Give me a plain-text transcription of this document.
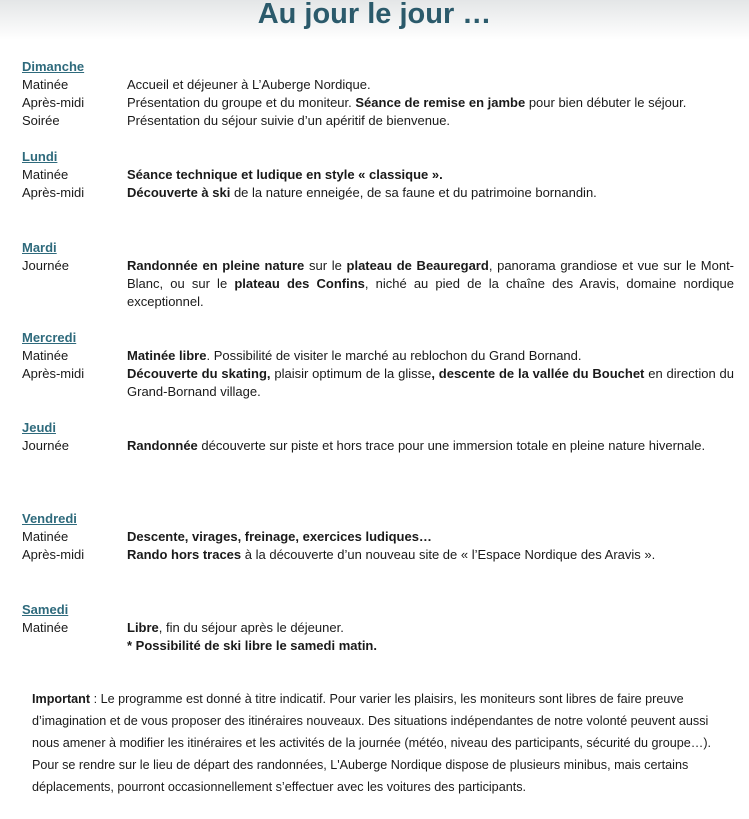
Au jour le jour …
Dimanche
Matinée	Accueil et déjeuner à L’Auberge Nordique.
Après-midi	Présentation du groupe et du moniteur. Séance de remise en jambe pour bien débuter le séjour.
Soirée	Présentation du séjour suivie d’un apéritif de bienvenue.
Lundi
Matinée	Séance technique et ludique en style « classique ».
Après-midi	Découverte à ski de la nature enneigée, de sa faune et du patrimoine bornandin.
Mardi
Journée	Randonnée en pleine nature sur le plateau de Beauregard, panorama grandiose et vue sur le Mont-Blanc, ou sur le plateau des Confins, niché au pied de la chaîne des Aravis, domaine nordique exceptionnel.
Mercredi
Matinée	Matinée libre. Possibilité de visiter le marché au reblochon du Grand Bornand.
Après-midi	Découverte du skating, plaisir optimum de la glisse, descente de la vallée du Bouchet en direction du Grand-Bornand village.
Jeudi
Journée	Randonnée découverte sur piste et hors trace pour une immersion totale en pleine nature hivernale.
Vendredi
Matinée	Descente, virages, freinage, exercices ludiques…
Après-midi	Rando hors traces à la découverte d’un nouveau site de « l’Espace Nordique des Aravis ».
Samedi
Matinée	Libre, fin du séjour après le déjeuner.
* Possibilité de ski libre le samedi matin.
Important : Le programme est donné à titre indicatif. Pour varier les plaisirs, les moniteurs sont libres de faire preuve d’imagination et de vous proposer des itinéraires nouveaux. Des situations indépendantes de notre volonté peuvent aussi nous amener à modifier les itinéraires et les activités de la journée (météo, niveau des participants, sécurité du groupe…).
Pour se rendre sur le lieu de départ des randonnées, L'Auberge Nordique dispose de plusieurs minibus, mais certains déplacements, pourront occasionnellement s’effectuer avec les voitures des participants.
